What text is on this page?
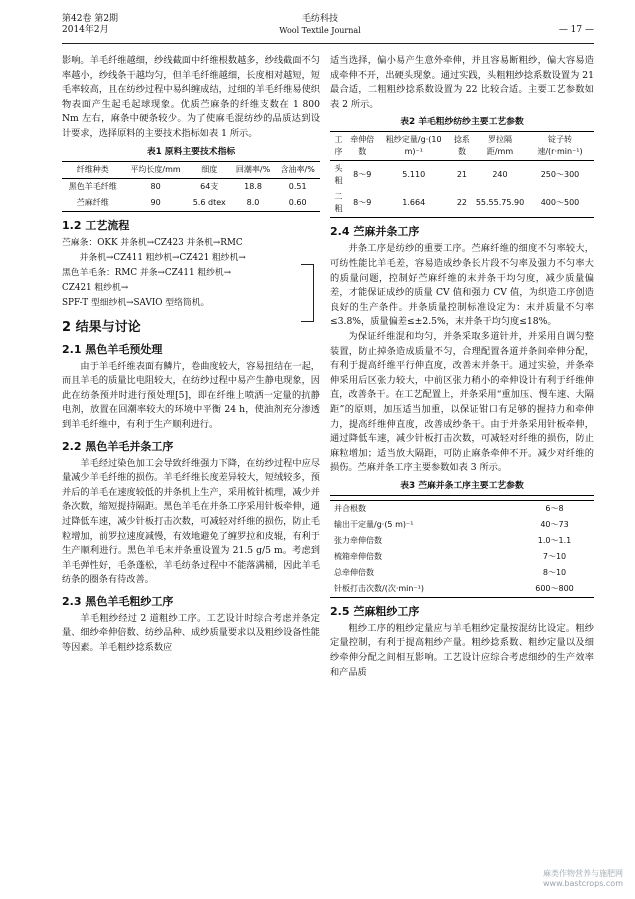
第42卷 第2期
2014年2月
毛纺科技
Wool Textile Journal	— 17 —

影响。羊毛纤维越细，纱线截面中纤维根数越多，纱线截面不匀率越小，纱线条干越均匀，但羊毛纤维越细，长度相对越短，短毛率较高，且在纺纱过程中易纠缠成结，过细的羊毛纤维易使织物表面产生起毛起球现象。优质苎麻条的纤维支数在 1 800 Nm 左右，麻条中硬条较少。为了使麻毛混纺纱的品质达到设计要求，选择原料的主要技术指标如表 1 所示。

表1 原料主要技术指标
纤维种类	平均长度/mm	细度	回潮率/%	含油率/%
黑色羊毛纤维	80	64支	18.8	0.51
苎麻纤维	90	5.6 dtex	8.0	0.60
1.2 工艺流程
苎麻条：OKK 并条机→CZ423 并条机→RMC
并条机→CZ411 粗纱机→CZ421 粗纱机→
黑色羊毛条：RMC 并条→CZ411 粗纱机→
CZ421 粗纱机→
SPF-T 型细纱机→SAVIO 型络筒机。
2 结果与讨论
2.1 黑色羊毛预处理

由于羊毛纤维表面有鳞片，卷曲度较大，容易扭结在一起，而且羊毛的质量比电阻较大，在纺纱过程中易产生静电现象，因此在纺条预并时进行预处理[5]，即在纤维上喷洒一定量的抗静电剂，放置在回潮率较大的环境中平衡 24 h，使油剂充分渗透到羊毛纤维中，有利于生产顺利进行。

2.2 黑色羊毛并条工序

羊毛经过染色加工会导致纤维强力下降，在纺纱过程中应尽量减少羊毛纤维的损伤。羊毛纤维长度差异较大，短绒较多，预并后的羊毛在速度较低的并条机上生产，采用梳针梳理，减少并条次数，缩短提持隔距。黑色羊毛在并条工序采用针板牵伸，通过降低车速，减少针板打击次数，可减轻对纤维的损伤，防止毛粒增加，前罗拉速度减慢，有效地避免了缠罗拉和皮辊，有利于生产顺利进行。黑色羊毛末并条重设置为 21.5 g/5 m。考虑到羊毛弹性好，毛条蓬松，羊毛纺条过程中不能落满桶，因此羊毛纺条的圈条有待改善。

2.3 黑色羊毛粗纱工序

羊毛粗纱经过 2 道粗纱工序。工艺设计时综合考虑并条定量、细纱牵伸倍数、纺纱品种、成纱质量要求以及粗纱设备性能等因素。羊毛粗纱捻系数应

适当选择，偏小易产生意外牵伸，并且容易断粗纱，偏大容易造成牵伸不开，出硬头现象。通过实践，头粗粗纱捻系数设置为 21 最合适，二粗粗纱捻系数设置为 22 比较合适。主要工艺参数如表 2 所示。

表2 羊毛粗纱纺纱主要工艺参数
工序	牵伸倍数	粗纱定量/g·(10 m)⁻¹	捻系数	罗拉隔距/mm	锭子转速/(r·min⁻¹)
头粗	8～9	5.110	21	240	250～300
二粗	8～9	1.664	22	55.55.75.90	400～500
2.4 苎麻并条工序

并条工序是纺纱的重要工序。苎麻纤维的细度不匀率较大，可纺性能比羊毛差，容易造成纱条长片段不匀率及强力不匀率大的质量问题，控制好苎麻纤维的末并条干均匀度，减少质量偏差，才能保证成纱的质量 CV 值和强力 CV 值，为织造工序创造良好的生产条件。并条质量控制标准设定为：末并质量不匀率≤3.8%，质量偏差≤±2.5%，末并条干均匀度≤18%。

为保证纤维混和均匀，并条采取多道针并，并采用自调匀整装置，防止掉条造成质量不匀，合理配置各道并条间牵伸分配，有利于提高纤维平行伸直度，改善末并条干。通过实验，并条牵伸采用后区张力较大，中前区张力稍小的牵伸设计有利于纤维伸直，改善条干。在工艺配置上，并条采用“重加压、慢车速、大隔距”的原则，加压适当加重，以保证钳口有足够的握持力和牵伸力，提高纤维伸直度，改善成纱条干。由于并条采用针板牵伸，通过降低车速，减少针板打击次数，可减轻对纤维的损伤，防止麻粒增加；适当放大隔距，可防止麻条牵伸不开。减少对纤维的损伤。苎麻并条工序主要参数如表 3 所示。

表3 苎麻并条工序主要工艺参数

并合根数	6～8
输出干定量/g·(5 m)⁻¹	40～73
张力牵伸倍数	1.0～1.1
梳箱牵伸倍数	7～10
总牵伸倍数	8～10
针板打击次数/(次·min⁻¹)	600～800
2.5 苎麻粗纱工序

粗纱工序的粗纱定量应与羊毛粗纱定量按混纺比设定。粗纱定量控制，有利于提高粗纱产量。粗纱捻系数、粗纱定量以及细纱牵伸分配之间相互影响。工艺设计应综合考虑细纱的生产效率和产品质

麻类作物营养与施肥网
www.bastcrops.com
